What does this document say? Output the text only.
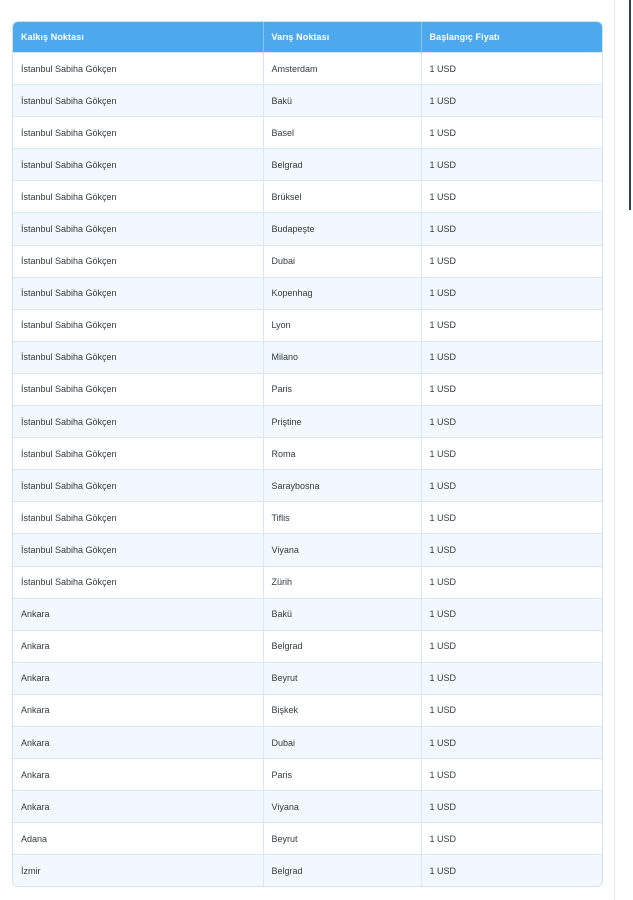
Kalkış Noktası	Varış Noktası	Başlangıç Fiyatı
İstanbul Sabiha Gökçen	Amsterdam	1 USD
İstanbul Sabiha Gökçen	Bakü	1 USD
İstanbul Sabiha Gökçen	Basel	1 USD
İstanbul Sabiha Gökçen	Belgrad	1 USD
İstanbul Sabiha Gökçen	Brüksel	1 USD
İstanbul Sabiha Gökçen	Budapeşte	1 USD
İstanbul Sabiha Gökçen	Dubai	1 USD
İstanbul Sabiha Gökçen	Kopenhag	1 USD
İstanbul Sabiha Gökçen	Lyon	1 USD
İstanbul Sabiha Gökçen	Milano	1 USD
İstanbul Sabiha Gökçen	Paris	1 USD
İstanbul Sabiha Gökçen	Priştine	1 USD
İstanbul Sabiha Gökçen	Roma	1 USD
İstanbul Sabiha Gökçen	Saraybosna	1 USD
İstanbul Sabiha Gökçen	Tiflis	1 USD
İstanbul Sabiha Gökçen	Viyana	1 USD
İstanbul Sabiha Gökçen	Zürih	1 USD
Ankara	Bakü	1 USD
Ankara	Belgrad	1 USD
Ankara	Beyrut	1 USD
Ankara	Bişkek	1 USD
Ankara	Dubai	1 USD
Ankara	Paris	1 USD
Ankara	Viyana	1 USD
Adana	Beyrut	1 USD
İzmir	Belgrad	1 USD
